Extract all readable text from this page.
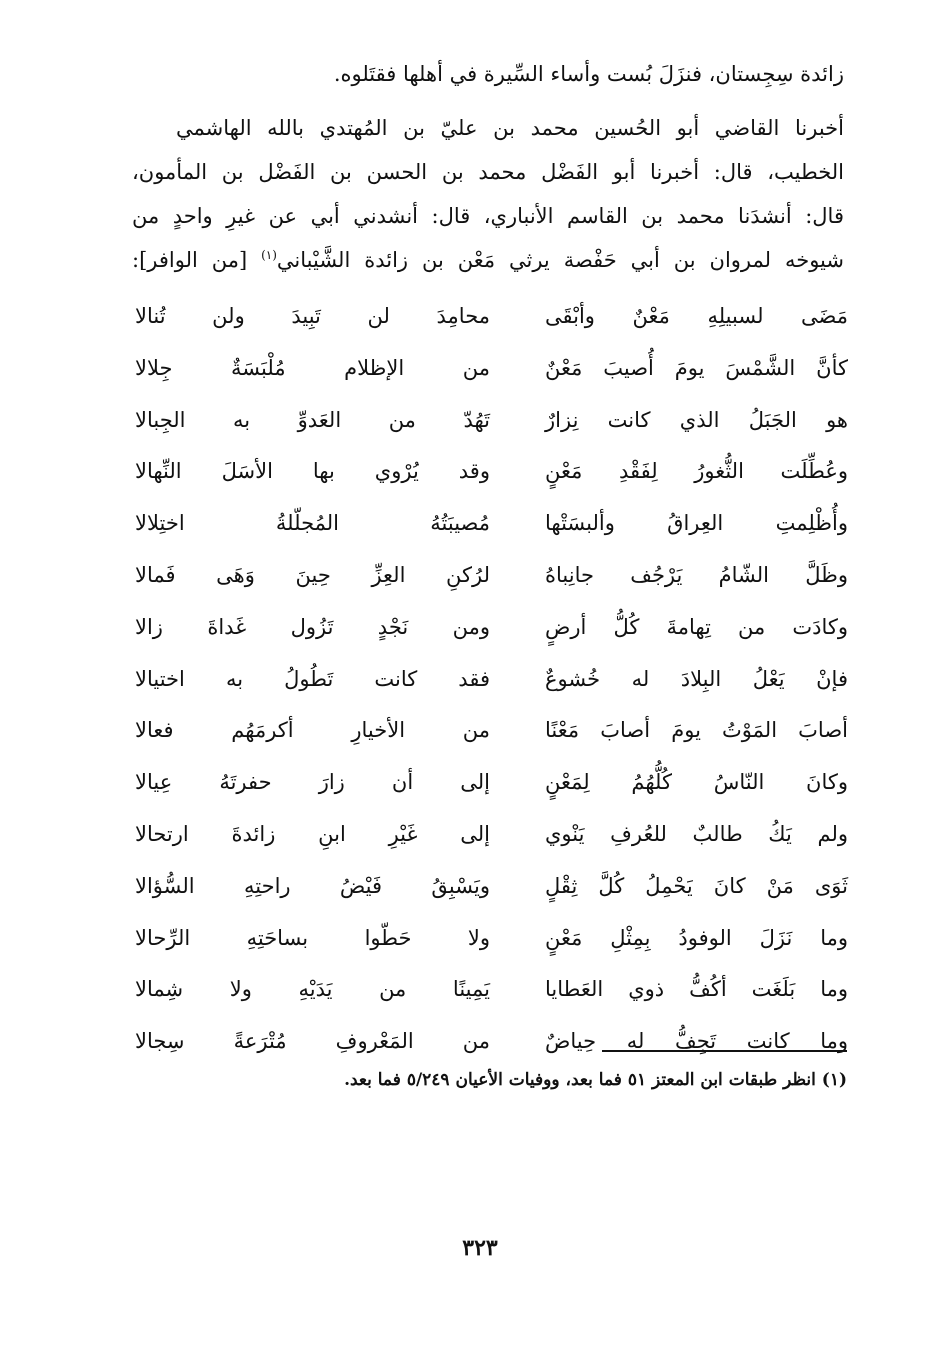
زائدة سِجِستان، فنزَلَ بُست وأساء السِّيرة في أهلها فقتَلوه.
أخبرنا القاضي أبو الحُسين محمد بن عليّ بن المُهتدي بالله الهاشمي
الخطيب، قال: أخبرنا أبو الفَضْل محمد بن الحسن بن الفَضْل بن المأمون،
قال: أنشدَنا محمد بن القاسم الأنباري، قال: أنشدني أبي عن غيرِ واحدٍ من
شيوخه لمروان بن أبي حَفْصة يرثي مَعْن بن زائدة الشَّيْباني$^{(١)}$ [من الوافر]:
مَضَى لسبيلِهِ مَعْنٌ وأبْقَى
محامِدَ لن تَبِيدَ ولن تُنالا
كأنَّ الشَّمْسَ يومَ أُصيبَ مَعْنٌ
من الإظلام مُلْبَسَةٌ جِلالا
هو الجَبَلُ الذي كانت نِزارٌ
تَهُدّ من العَدوِّ به الجِبالا
وعُطِّلَت الثُّغورُ لِفَقْدِ مَعْنٍ
وقد يُرْوي بها الأسَلَ النِّهالا
وأُظْلِمتِ العِراقُ وألبسَتْها
مُصيبَتُهُ المُجلّلةُ اختِلالا
وظَلَّ الشّامُ يَرْجُف جانِباهُ
لرُكنِ العِزِّ حِينَ وَهَى فَمالا
وكادَت من تِهامةَ كُلُّ أرضٍ
ومن نَجْدٍ تَزُول غَداةَ زالا
فإنْ يَعْلُ البِلادَ له خُشوعٌ
فقد كانت تَطُولُ به اختيالا
أصابَ المَوْتُ يومَ أصابَ مَعْنًا
من الأخيارِ أكرمَهُم فعالا
وكانَ النّاسُ كُلُّهُمُ لِمَعْنٍ
إلى أن زارَ حفرتَهُ عِيالا
ولم يَكُ طالبٌ للعُرفِ يَنْوي
إلى غَيْرِ ابنِ زائدةَ ارتحالا
ثَوَى مَنْ كانَ يَحْمِلُ كُلَّ ثِقْلٍ
ويَسْبِقُ فَيْضُ راحتِهِ السُّؤالا
وما نَزَلَ الوفودُ بِمِثْلِ مَعْنٍ
ولا حَطّوا بساحَتِهِ الرِّحالا
وما بَلَغَت أكُفُّ ذوي العَطايا
يَمِينًا من يَدَيْهِ ولا شِمالا
وما كانت تَجِفُّ له حِياضٌ
من المَعْروفِ مُتْرَعةً سِجالا
(١) انظر طبقات ابن المعتز ٥١ فما بعد، ووفيات الأعيان ٥/٢٤٩ فما بعد.
٣٢٣
